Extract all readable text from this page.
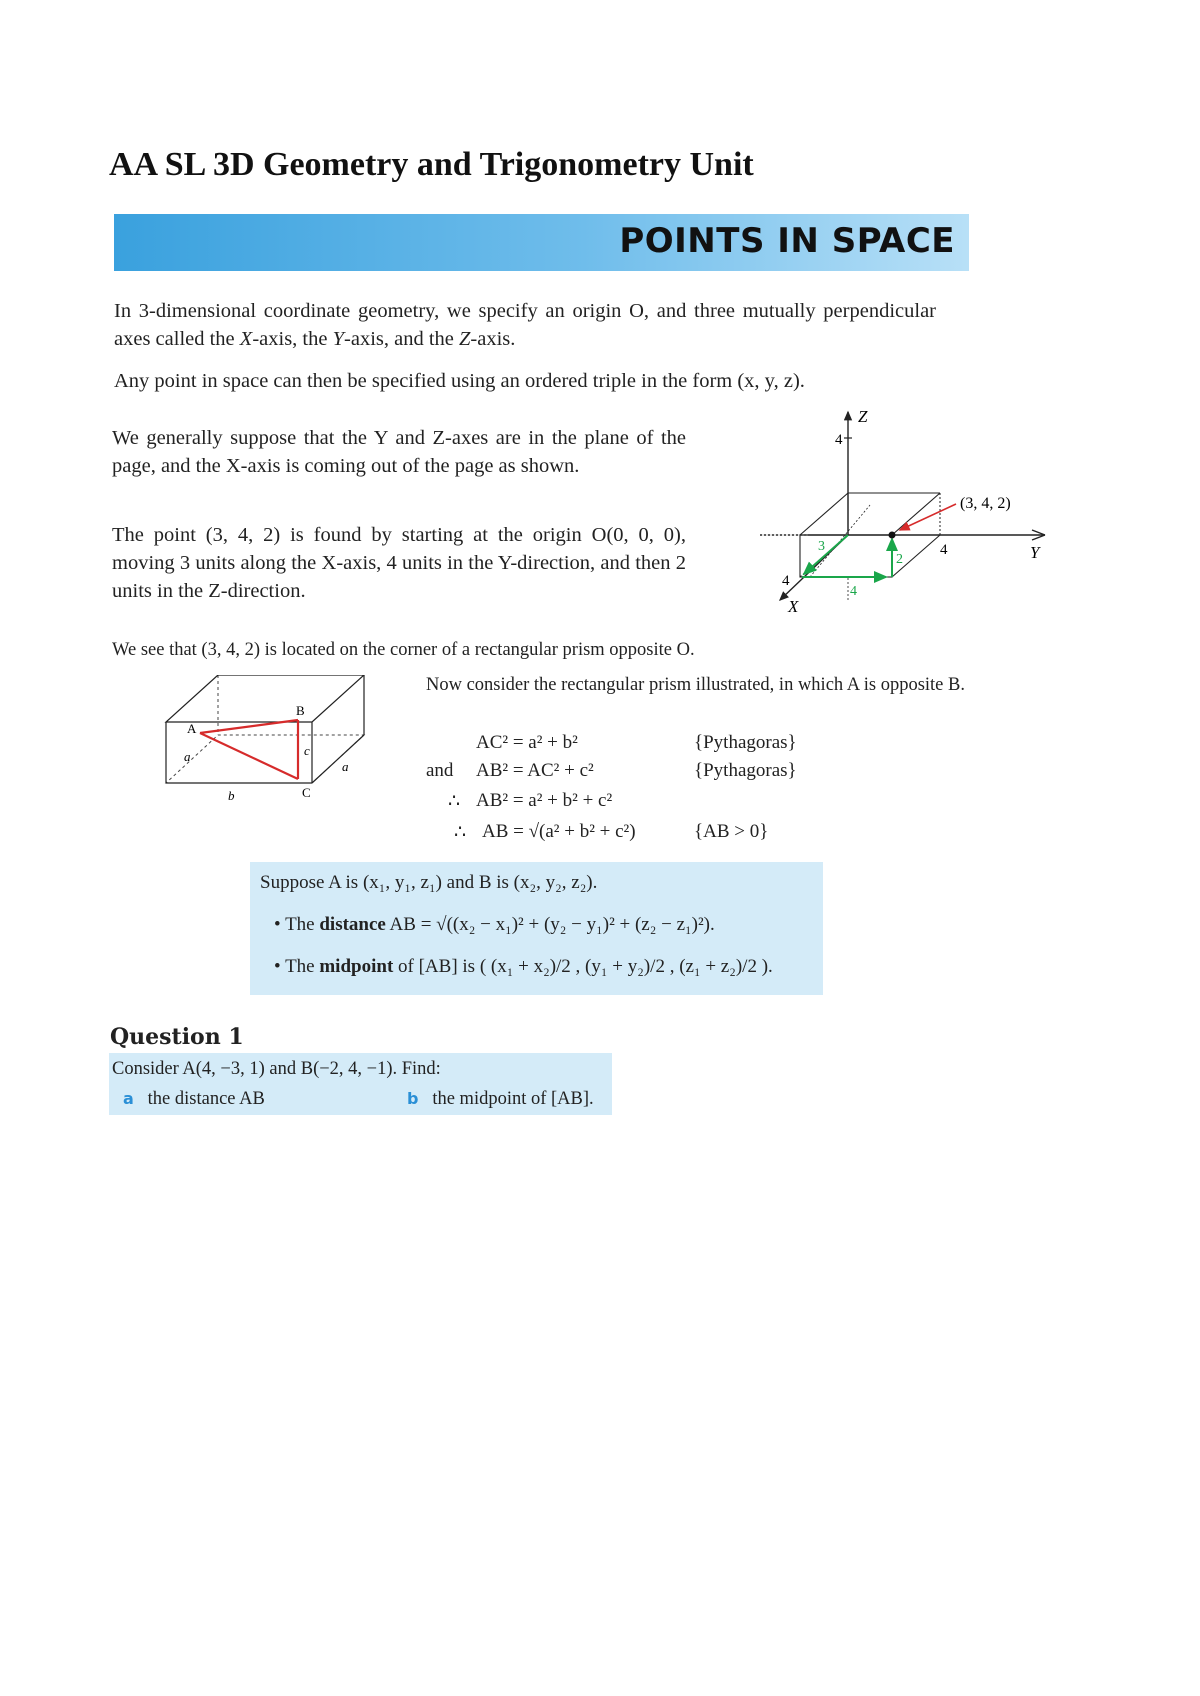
AA SL 3D Geometry and Trigonometry Unit
POINTS IN SPACE
In 3-dimensional coordinate geometry, we specify an origin O, and three mutually perpendicular axes called the X-axis, the Y-axis, and the Z-axis.
Any point in space can then be specified using an ordered triple in the form (x, y, z).
We generally suppose that the Y and Z-axes are in the plane of the page, and the X-axis is coming out of the page as shown.
The point (3, 4, 2) is found by starting at the origin O(0, 0, 0), moving 3 units along the X-axis, 4 units in the Y-direction, and then 2 units in the Z-direction.
4
Z
Y
4
4
X
3
4
2
(3, 4, 2)
We see that (3, 4, 2) is located on the corner of a rectangular prism opposite O.
A
B
C
a
a
b
c
Now consider the rectangular prism illustrated, in which A is opposite B.
AC² = a² + b²	{Pythagoras}
and AB² = AC² + c²	{Pythagoras}
∴ AB² = a² + b² + c²
∴ AB = √(a² + b² + c²)	{AB > 0}
Suppose A is (x₁, y₁, z₁) and B is (x₂, y₂, z₂).
• The distance AB = √((x₂ − x₁)² + (y₂ − y₁)² + (z₂ − z₁)²).
• The midpoint of [AB] is ( (x₁ + x₂)/2 , (y₁ + y₂)/2 , (z₁ + z₂)/2 ).
Question 1
Consider A(4, −3, 1) and B(−2, 4, −1). Find:
a the distance AB	b the midpoint of [AB].
